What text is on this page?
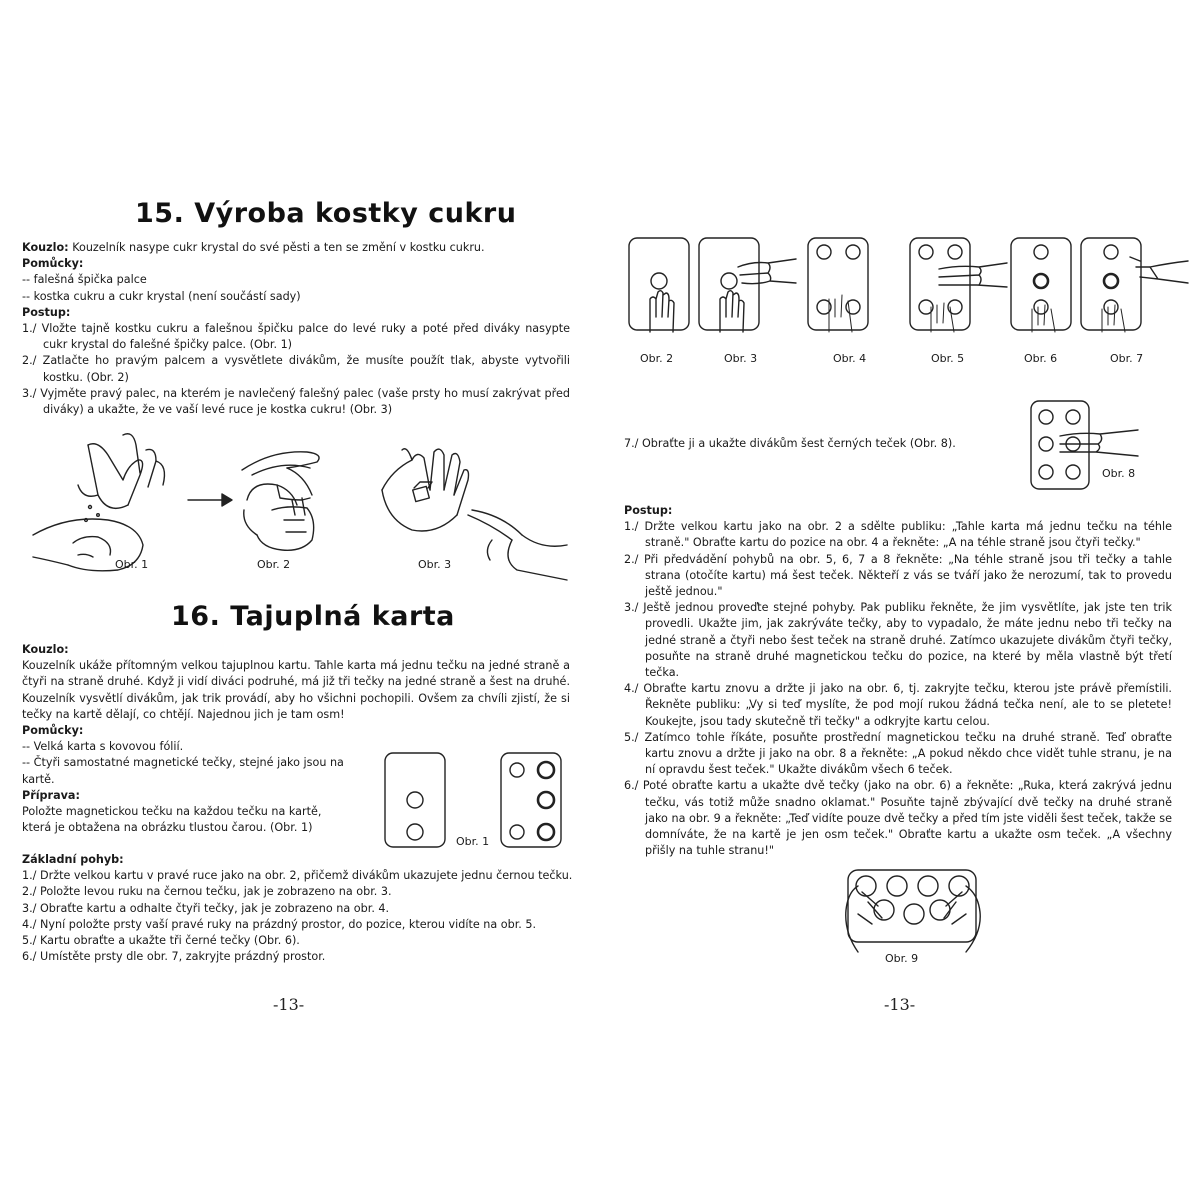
15. Výroba kostky cukru

Kouzlo: Kouzelník nasype cukr krystal do své pěsti a ten se změní v kostku cukru.

Pomůcky:

-- falešná špička palce

-- kostka cukru a cukr krystal (není součástí sady)

Postup:

1./ Vložte tajně kostku cukru a falešnou špičku palce do levé ruky a poté před diváky nasypte cukr krystal do falešné špičky palce. (Obr. 1)

2./ Zatlačte ho pravým palcem a vysvětlete divákům, že musíte použít tlak, abyste vytvořili kostku. (Obr. 2)

3./ Vyjměte pravý palec, na kterém je navlečený falešný palec (vaše prsty ho musí zakrývat před diváky) a ukažte, že ve vaší levé ruce je kostka cukru! (Obr. 3)

Obr. 1	Obr. 2	Obr. 3
16. Tajuplná karta

Kouzlo:

Kouzelník ukáže přítomným velkou tajuplnou kartu. Tahle karta má jednu tečku na jedné straně a čtyři na straně druhé. Když ji vidí diváci podruhé, má již tři tečky na jedné straně a šest na druhé. Kouzelník vysvětlí divákům, jak trik provádí, aby ho všichni pochopili. Ovšem za chvíli zjistí, že si tečky na kartě dělají, co chtějí. Najednou jich je tam osm!

Pomůcky:

-- Velká karta s kovovou fólií.

-- Čtyři samostatné magnetické tečky, stejné jako jsou na kartě.

Příprava:

Položte magnetickou tečku na každou tečku na kartě, která je obtažena na obrázku tlustou čarou. (Obr. 1)

Obr. 1

Základní pohyb:

1./ Držte velkou kartu v pravé ruce jako na obr. 2, přičemž divákům ukazujete jednu černou tečku.

2./ Položte levou ruku na černou tečku, jak je zobrazeno na obr. 3.

3./ Obraťte kartu a odhalte čtyři tečky, jak je zobrazeno na obr. 4.

4./ Nyní položte prsty vaší pravé ruky na prázdný prostor, do pozice, kterou vidíte na obr. 5.

5./ Kartu obraťte a ukažte tři černé tečky (Obr. 6).

6./ Umístěte prsty dle obr. 7, zakryjte prázdný prostor.

-13-
Obr. 2	Obr. 3	Obr. 4	Obr. 5	Obr. 6	Obr. 7
7./ Obraťte ji a ukažte divákům šest černých teček (Obr. 8).
Obr. 8

Postup:

1./ Držte velkou kartu jako na obr. 2 a sdělte publiku: „Tahle karta má jednu tečku na téhle straně." Obraťte kartu do pozice na obr. 4 a řekněte: „A na téhle straně jsou čtyři tečky."

2./ Při předvádění pohybů na obr. 5, 6, 7 a 8 řekněte: „Na téhle straně jsou tři tečky a tahle strana (otočíte kartu) má šest teček. Někteří z vás se tváří jako že nerozumí, tak to provedu ještě jednou."

3./ Ještě jednou proveďte stejné pohyby. Pak publiku řekněte, že jim vysvětlíte, jak jste ten trik provedli. Ukažte jim, jak zakrýváte tečky, aby to vypadalo, že máte jednu nebo tři tečky na jedné straně a čtyři nebo šest teček na straně druhé. Zatímco ukazujete divákům čtyři tečky, posuňte na straně druhé magnetickou tečku do pozice, na které by měla vlastně být třetí tečka.

4./ Obraťte kartu znovu a držte ji jako na obr. 6, tj. zakryjte tečku, kterou jste právě přemístili. Řekněte publiku: „Vy si teď myslíte, že pod mojí rukou žádná tečka není, ale to se pletete! Koukejte, jsou tady skutečně tři tečky" a odkryjte kartu celou.

5./ Zatímco tohle říkáte, posuňte prostřední magnetickou tečku na druhé straně. Teď obraťte kartu znovu a držte ji jako na obr. 8 a řekněte: „A pokud někdo chce vidět tuhle stranu, je na ní opravdu šest teček." Ukažte divákům všech 6 teček.

6./ Poté obraťte kartu a ukažte dvě tečky (jako na obr. 6) a řekněte: „Ruka, která zakrývá jednu tečku, vás totiž může snadno oklamat." Posuňte tajně zbývající dvě tečky na druhé straně jako na obr. 9 a řekněte: „Teď vidíte pouze dvě tečky a před tím jste viděli šest teček, takže se domníváte, že na kartě je jen osm teček." Obraťte kartu a ukažte osm teček. „A všechny přišly na tuhle stranu!"

Obr. 9
-13-
